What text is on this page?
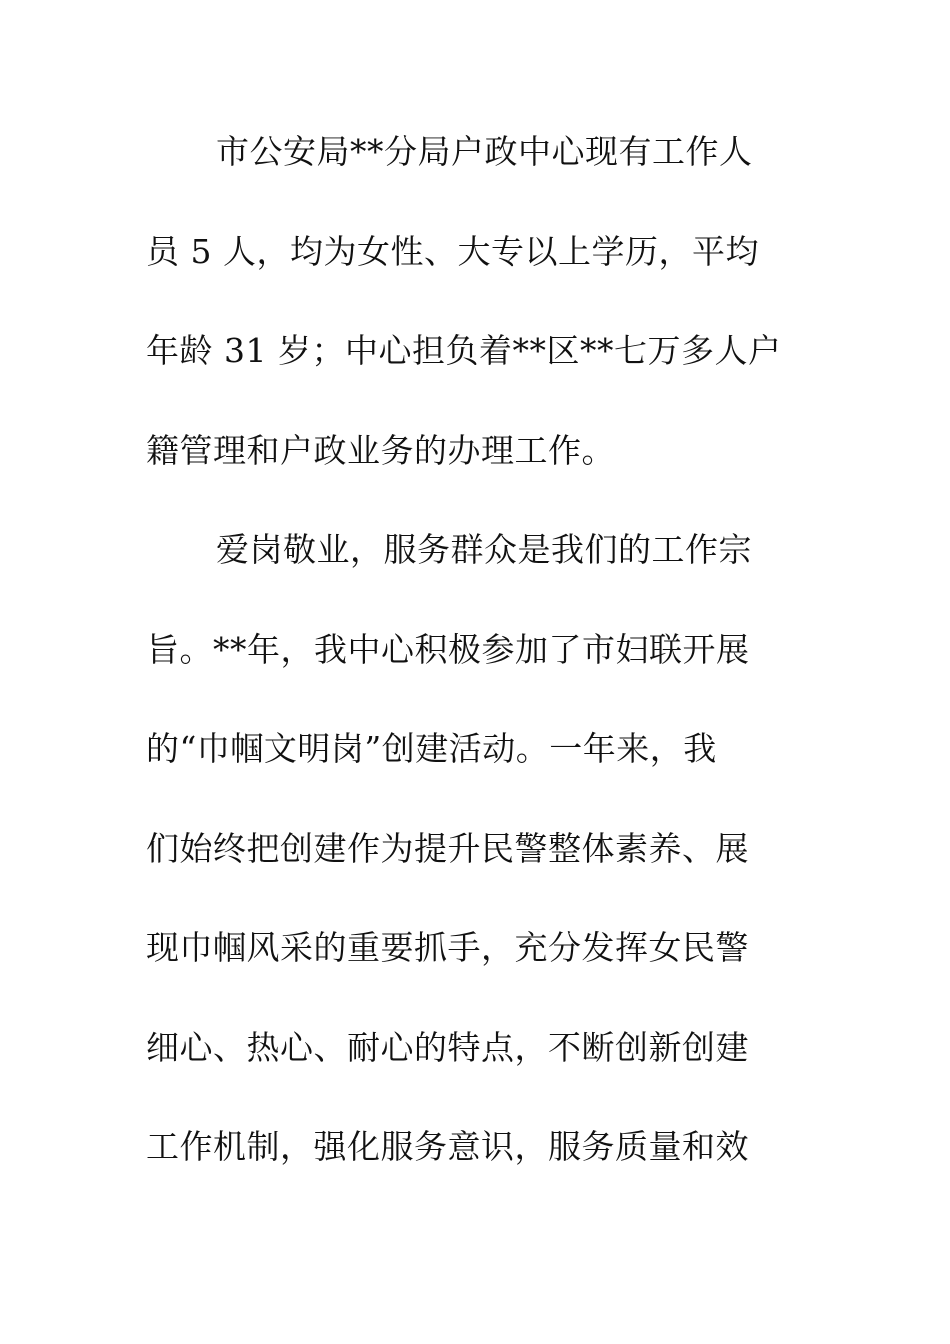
市公安局**分局户政中心现有工作人
员 5 人，均为女性、大专以上学历，平均
年龄 31 岁；中心担负着**区**七万多人户
籍管理和户政业务的办理工作。
爱岗敬业，服务群众是我们的工作宗
旨。**年，我中心积极参加了市妇联开展
的“巾帼文明岗”创建活动。一年来，我
们始终把创建作为提升民警整体素养、展
现巾帼风采的重要抓手，充分发挥女民警
细心、热心、耐心的特点，不断创新创建
工作机制，强化服务意识，服务质量和效
